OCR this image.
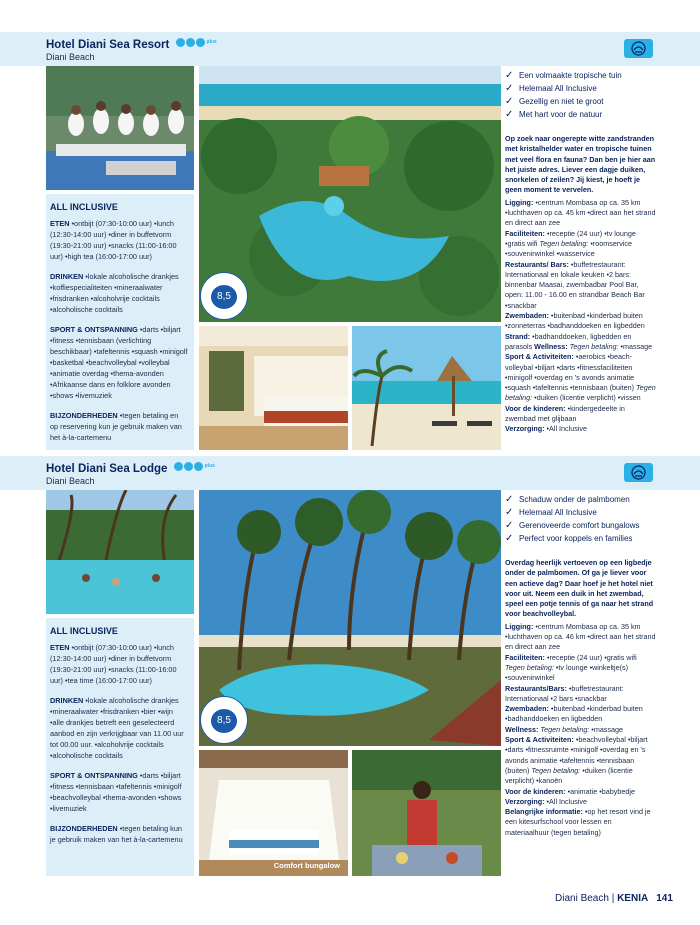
Hotel Diani Sea Resort	$^{plus}$
Diani Beach
ALL INCLUSIVE

ETEN •ontbijt (07:30-10:00 uur) •lunch (12:30-14:00 uur) •diner in buffetvorm (19:30-21:00 uur) •snacks (11:00-16:00 uur) •high tea (16:00-17:00 uur)

DRINKEN •lokale alcoholische drankjes •koffiespecialiteiten •mineraalwater •frisdranken •alcoholvrije cocktails •alcoholische cocktails

SPORT & ONTSPANNING •darts •biljart •fitness •tennisbaan (verlichting beschikbaar) •tafeltennis •squash •minigolf •basketbal •beachvolleybal •volleybal •animatie overdag •thema-avonden •Afrikaanse dans en folklore avonden •shows •livemuziek

BIJZONDERHEDEN •tegen betaling en op reservering kun je gebruik maken van het à-la-cartemenu

8,5
✓ Een volmaakte tropische tuin
✓ Helemaal All Inclusive
✓ Gezellig en niet te groot
✓ Met hart voor de natuur
Op zoek naar ongerepte witte zandstranden met kristalhelder water en tropische tuinen met veel flora en fauna? Dan ben je hier aan het juiste adres. Liever een dagje duiken, snorkelen of zeilen? Jij kiest, je hoeft je geen moment te vervelen.
Ligging: •centrum Mombasa op ca. 35 km •luchthaven op ca. 45 km •direct aan het strand en direct aan zee
Faciliteiten: •receptie (24 uur) •tv lounge •gratis wifi Tegen betaling: •roomservice •souvenirwinkel •wasservice
Restaurants/ Bars: •buffetrestaurant: Internationaal en lokale keuken •2 bars: binnenbar Maasai, zwembadbar Pool Bar, open: 11.00 - 16.00 en strandbar Beach Bar •snackbar
Zwembaden: •buitenbad •kinderbad buiten •zonneterras •badhanddoeken en ligbedden
Strand: •badhanddoeken, ligbedden en parasols Wellness: Tegen betaling: •massage
Sport & Activiteiten: •aerobics •beach-volleybal •biljart •darts •fitnessfaciliteiten •minigolf •overdag en 's avonds animatie •squash •tafeltennis •tennisbaan (buiten) Tegen betaling: •duiken (licentie verplicht) •vissen Voor de kinderen: •kindergedeelte in zwembad met glijbaan
Verzorging: •All Inclusive
Hotel Diani Sea Lodge	$^{plus}$
Diani Beach
ALL INCLUSIVE

ETEN •ontbijt (07:30-10:00 uur) •lunch (12:30-14:00 uur) •diner in buffetvorm (19:30-21:00 uur) •snacks (11:00-16:00 uur) •tea time (16:00-17:00 uur)

DRINKEN •lokale alcoholische drankjes •mineraalwater •frisdranken •bier •wijn •alle drankjes betreft een geselecteerd aanbod en zijn verkrijgbaar van 11.00 uur tot 00.00 uur. •alcoholvrije cocktails •alcoholische cocktails

SPORT & ONTSPANNING •darts •biljart •fitness •tennisbaan •tafeltennis •minigolf •beachvolleybal •thema-avonden •shows •livemuziek

BIJZONDERHEDEN •tegen betaling kun je gebruik maken van het à-la-cartemenu

8,5
Comfort bungalow
✓ Schaduw onder de palmbomen
✓ Helemaal All Inclusive
✓ Gerenoveerde comfort bungalows
✓ Perfect voor koppels en families
Overdag heerlijk vertoeven op een ligbedje onder de palmbomen. Of ga je liever voor een actieve dag? Daar hoef je het hotel niet voor uit. Neem een duik in het zwembad, speel een potje tennis of ga naar het strand voor beachvolleybal.
Ligging: •centrum Mombasa op ca. 35 km •luchthaven op ca. 46 km •direct aan het strand en direct aan zee
Faciliteiten: •receptie (24 uur) •gratis wifi Tegen betaling: •tv lounge •winkeltje(s) •souvenirwinkel
Restaurants/Bars: •buffetrestaurant: Internationaal •2 bars •snackbar
Zwembaden: •buitenbad •kinderbad buiten •badhanddoeken en ligbedden
Wellness: Tegen betaling: •massage
Sport & Activiteiten: •beachvolleybal •biljart •darts •fitnessruimte •minigolf •overdag en 's avonds animatie •tafeltennis •tennisbaan (buiten) Tegen betaling: •duiken (licentie verplicht) •kanoën
Voor de kinderen: •animatie •babybedje
Verzorging: •All Inclusive
Belangrijke informatie: •op het resort vind je een kitesurfschool voor lessen en materiaalhuur (tegen betaling)
Diani Beach | KENIA 141
